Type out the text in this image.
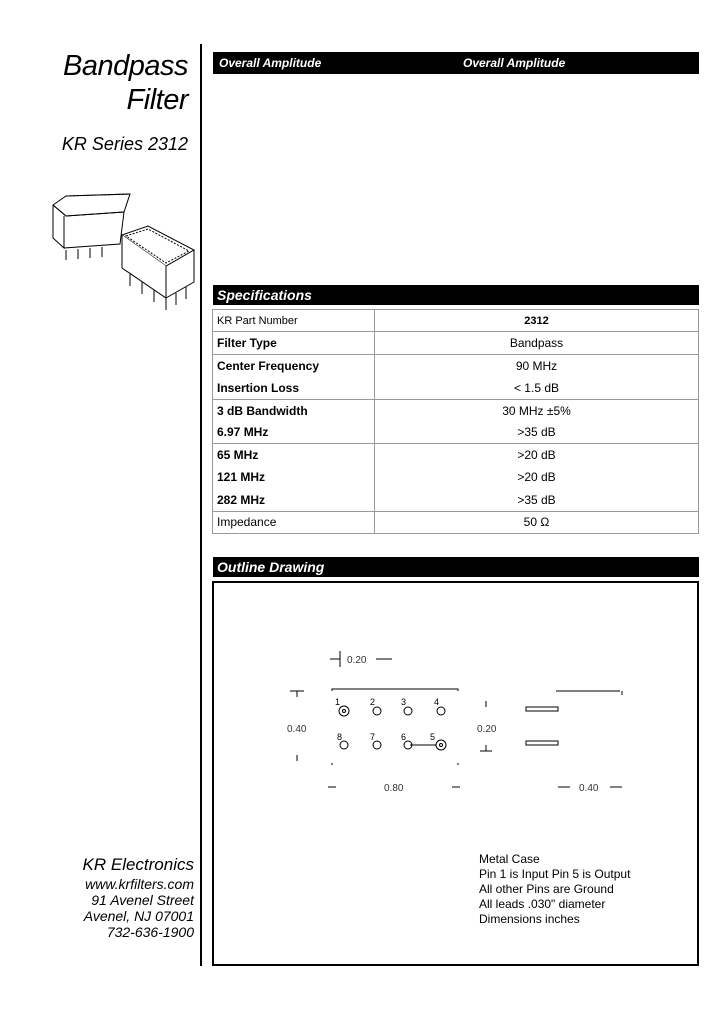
Bandpass
Filter
KR Series 2312
Overall Amplitude	Overall Amplitude
Specifications
KR Part Number	2312
Filter Type	Bandpass
Center Frequency	90 MHz
Insertion Loss	< 1.5 dB
3 dB Bandwidth	30 MHz ±5%
6.97 MHz	>35 dB
65 MHz	>20 dB
121 MHz	>20 dB
282 MHz	>35 dB
Impedance	50 Ω
Outline Drawing
1	2	3	4
8	7	6	5
0.20
0.40	0.20
0.80	0.40
Metal Case
Pin 1 is Input Pin 5 is Output
All other Pins are Ground
All leads .030" diameter
Dimensions inches
KR Electronics
www.krfilters.com
91 Avenel Street
Avenel, NJ 07001
732-636-1900
